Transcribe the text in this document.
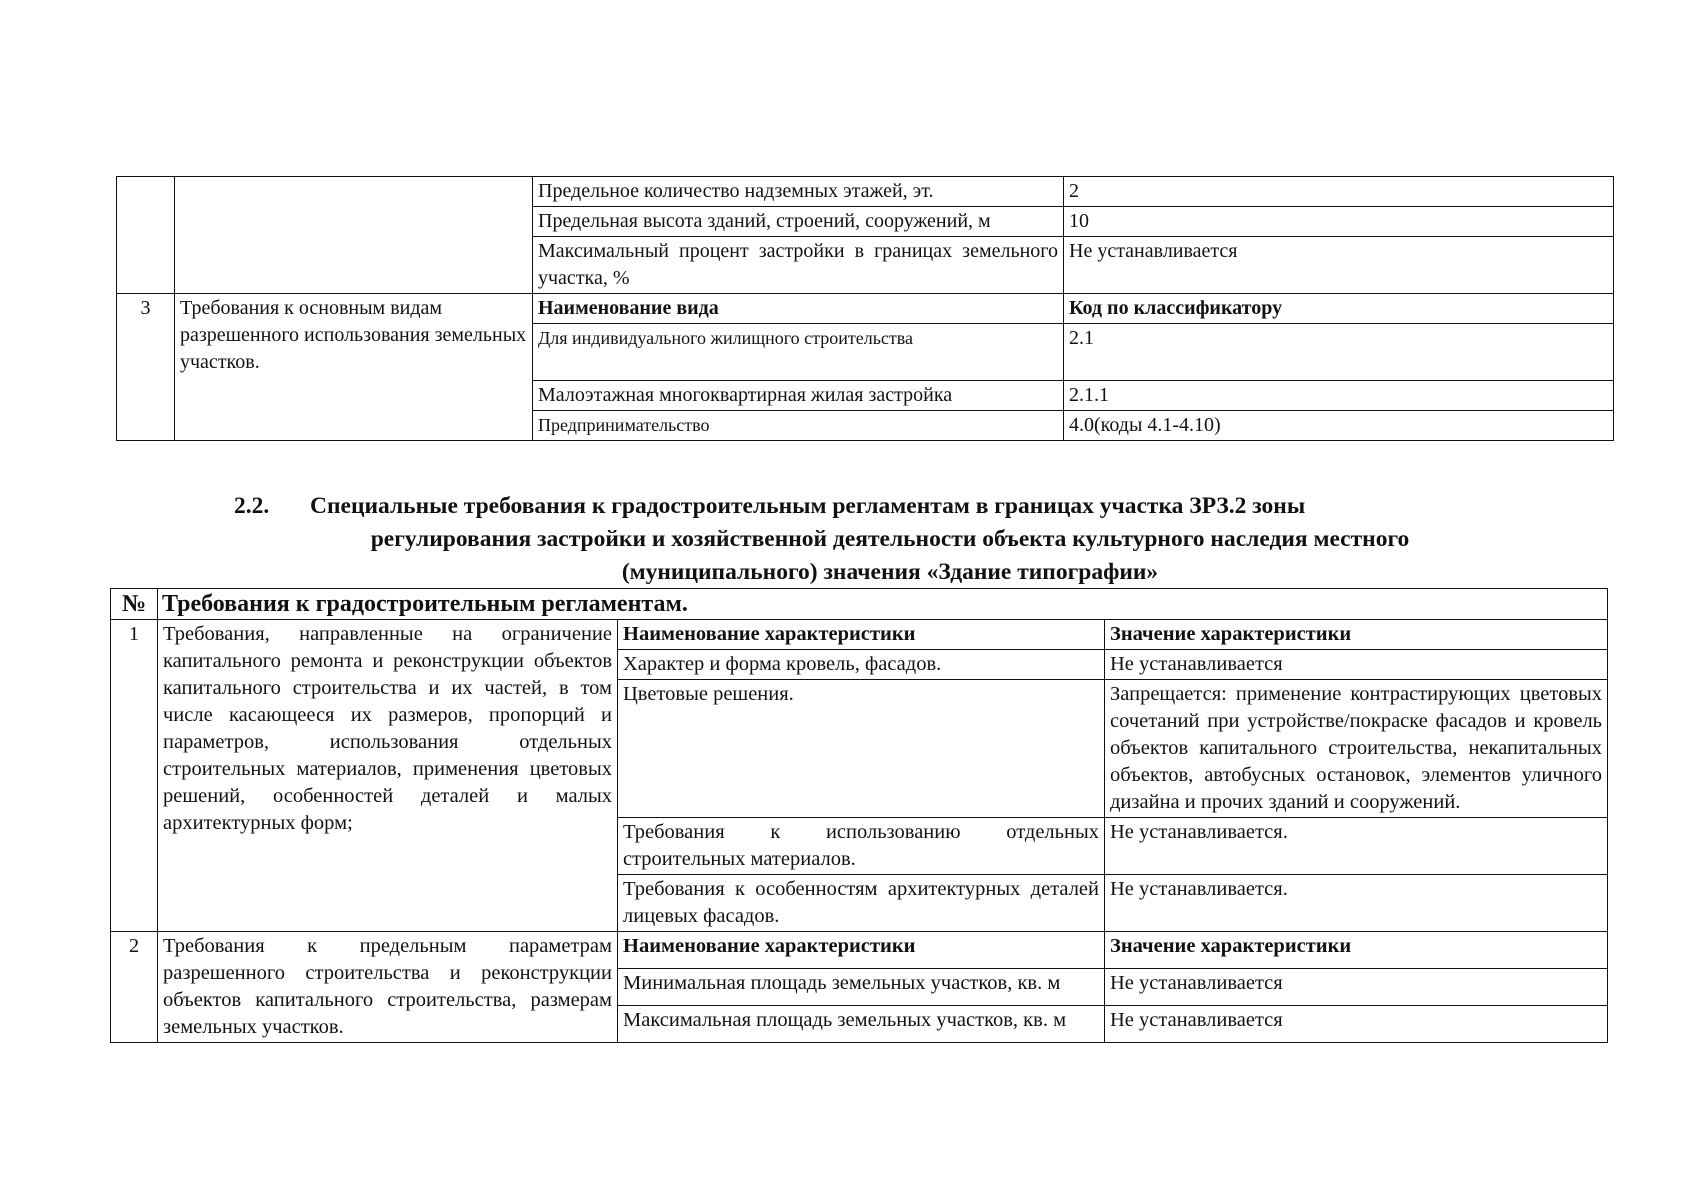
		Предельное количество надземных этажей, эт.	2
		Предельная высота зданий, строений, сооружений, м	10
		Максимальный процент застройки в границах земельного участка, %	Не устанавливается
3	Требования к основным видам разрешенного использования земельных участков.	Наименование вида	Код по классификатору
		Для индивидуального жилищного строительства	2.1
		Малоэтажная многоквартирная жилая застройка	2.1.1
		Предпринимательство	4.0(коды 4.1-4.10)
2.2.	Специальные требования к градостроительным регламентам в границах участка ЗРЗ.2 зоны
регулирования застройки и хозяйственной деятельности объекта культурного наследия местного
(муниципального) значения «Здание типографии»
№	Требования к градостроительным регламентам.		
1	Требования, направленные на ограничение капитального ремонта и реконструкции объектов капитального строительства и их частей, в том числе касающееся их размеров, пропорций и параметров, использования отдельных строительных материалов, применения цветовых решений, особенностей деталей и малых архитектурных форм;	Наименование характеристики	Значение характеристики
		Характер и форма кровель, фасадов.	Не устанавливается
		Цветовые решения.	Запрещается: применение контрастирующих цветовых сочетаний при устройстве/покраске фасадов и кровель объектов капитального строительства, некапитальных объектов, автобусных остановок, элементов уличного дизайна и прочих зданий и сооружений.
		Требования к использованию отдельных строительных материалов.	Не устанавливается.
		Требования к особенностям архитектурных деталей лицевых фасадов.	Не устанавливается.
2	Требования к предельным параметрам разрешенного строительства и реконструкции объектов капитального строительства, размерам земельных участков.	Наименование характеристики	Значение характеристики
		Минимальная площадь земельных участков, кв. м	Не устанавливается
		Максимальная площадь земельных участков, кв. м	Не устанавливается
